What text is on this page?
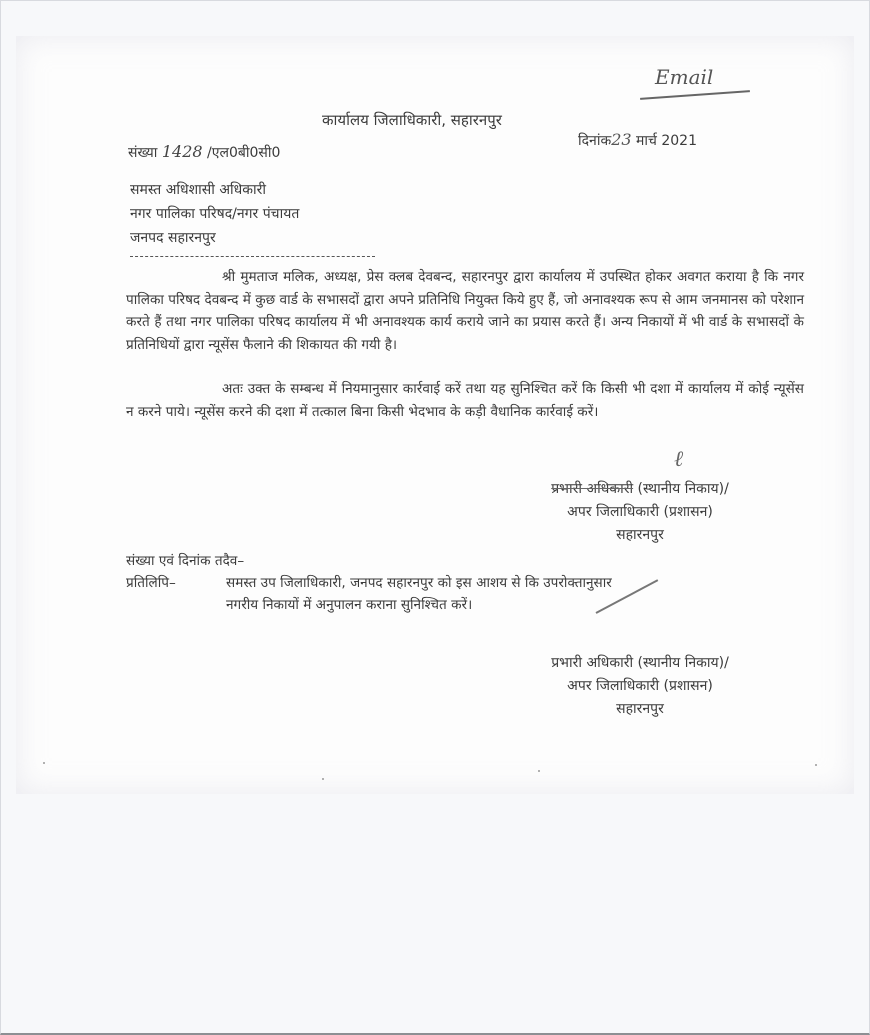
Email
कार्यालय जिलाधिकारी, सहारनपुर
संख्या 1428 /एल0बी0सी0
दिनांक23 मार्च 2021
समस्त अधिशासी अधिकारी
नगर पालिका परिषद/नगर पंचायत
जनपद सहारनपुर
श्री मुमताज मलिक, अध्यक्ष, प्रेस क्लब देवबन्द, सहारनपुर द्वारा कार्यालय में उपस्थित होकर अवगत कराया है कि नगर पालिका परिषद देवबन्द में कुछ वार्ड के सभासदों द्वारा अपने प्रतिनिधि नियुक्त किये हुए हैं, जो अनावश्यक रूप से आम जनमानस को परेशान करते हैं तथा नगर पालिका परिषद कार्यालय में भी अनावश्यक कार्य कराये जाने का प्रयास करते हैं। अन्य निकायों में भी वार्ड के सभासदों के प्रतिनिधियों द्वारा न्यूसेंस फैलाने की शिकायत की गयी है।
अतः उक्त के सम्बन्ध में नियमानुसार कार्रवाई करें तथा यह सुनिश्चित करें कि किसी भी दशा में कार्यालय में कोई न्यूसेंस न करने पाये। न्यूसेंस करने की दशा में तत्काल बिना किसी भेदभाव के कड़ी वैधानिक कार्रवाई करें।
ℓ
प्रभारी अधिकारी (स्थानीय निकाय)/
अपर जिलाधिकारी (प्रशासन)
सहारनपुर
संख्या एवं दिनांक तदैव–
प्रतिलिपि–	समस्त उप जिलाधिकारी, जनपद सहारनपुर को इस आशय से कि उपरोक्तानुसार
नगरीय निकायों में अनुपालन कराना सुनिश्चित करें।
प्रभारी अधिकारी (स्थानीय निकाय)/
अपर जिलाधिकारी (प्रशासन)
सहारनपुर
